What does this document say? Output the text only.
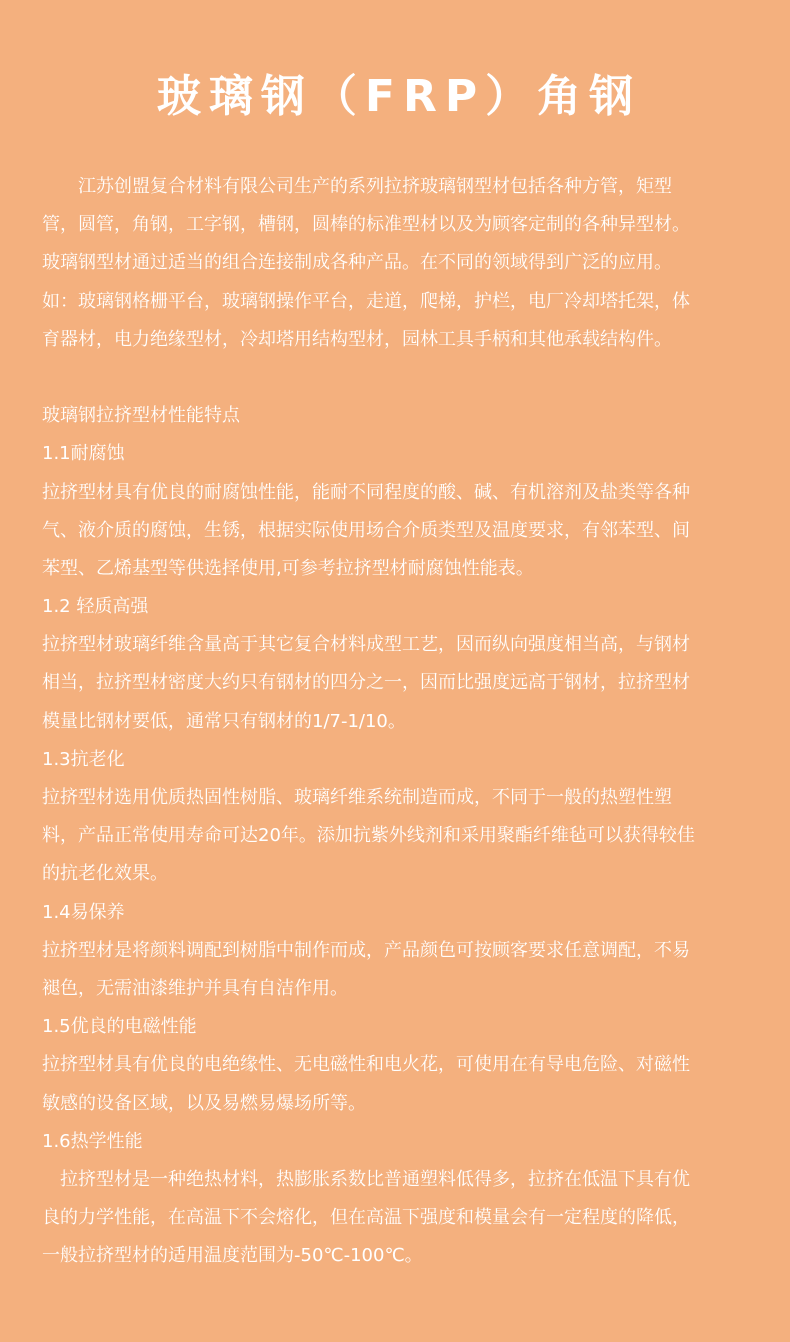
玻璃钢（FRP）角钢
　　江苏创盟复合材料有限公司生产的系列拉挤玻璃钢型材包括各种方管，矩型
管，圆管，角钢，工字钢，槽钢，圆棒的标准型材以及为顾客定制的各种异型材。
玻璃钢型材通过适当的组合连接制成各种产品。在不同的领域得到广泛的应用。
如：玻璃钢格栅平台，玻璃钢操作平台，走道，爬梯，护栏，电厂冷却塔托架，体
育器材，电力绝缘型材，冷却塔用结构型材，园林工具手柄和其他承载结构件。
玻璃钢拉挤型材性能特点
1.1耐腐蚀
拉挤型材具有优良的耐腐蚀性能，能耐不同程度的酸、碱、有机溶剂及盐类等各种
气、液介质的腐蚀，生锈，根据实际使用场合介质类型及温度要求，有邻苯型、间
苯型、乙烯基型等供选择使用,可参考拉挤型材耐腐蚀性能表。
1.2 轻质高强
拉挤型材玻璃纤维含量高于其它复合材料成型工艺，因而纵向强度相当高，与钢材
相当，拉挤型材密度大约只有钢材的四分之一，因而比强度远高于钢材，拉挤型材
模量比钢材要低，通常只有钢材的1/7-1/10。
1.3抗老化
拉挤型材选用优质热固性树脂、玻璃纤维系统制造而成，不同于一般的热塑性塑
料，产品正常使用寿命可达20年。添加抗紫外线剂和采用聚酯纤维毡可以获得较佳
的抗老化效果。
1.4易保养
拉挤型材是将颜料调配到树脂中制作而成，产品颜色可按顾客要求任意调配，不易
褪色，无需油漆维护并具有自洁作用。
1.5优良的电磁性能
拉挤型材具有优良的电绝缘性、无电磁性和电火花，可使用在有导电危险、对磁性
敏感的设备区域，以及易燃易爆场所等。
1.6热学性能
　拉挤型材是一种绝热材料，热膨胀系数比普通塑料低得多，拉挤在低温下具有优
良的力学性能，在高温下不会熔化，但在高温下强度和模量会有一定程度的降低，
一般拉挤型材的适用温度范围为-50℃-100℃。
